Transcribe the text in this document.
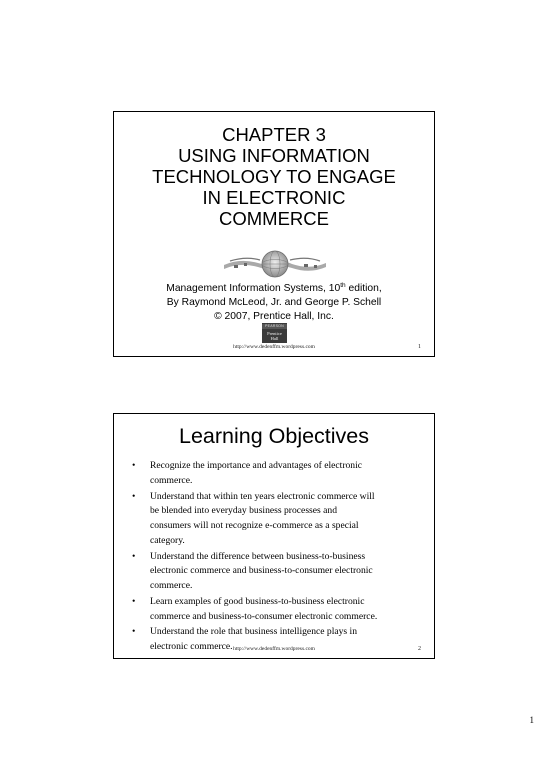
CHAPTER 3
USING INFORMATION
TECHNOLOGY TO ENGAGE
IN ELECTRONIC
COMMERCE
Management Information Systems, 10th edition,
By Raymond McLeod, Jr. and George P. Schell
© 2007, Prentice Hall, Inc.
PEARSON
Prentice Hall
http://www.dedenffm.wordpress.com	1
Learning Objectives
• Recognize the importance and advantages of electronic
commerce.
• Understand that within ten years electronic commerce will
be blended into everyday business processes and
consumers will not recognize e-commerce as a special
category.
• Understand the difference between business-to-business
electronic commerce and business-to-consumer electronic
commerce.
• Learn examples of good business-to-business electronic
commerce and business-to-consumer electronic commerce.
• Understand the role that business intelligence plays in
electronic commerce. http://www.dedenffm.wordpress.com	2
1
